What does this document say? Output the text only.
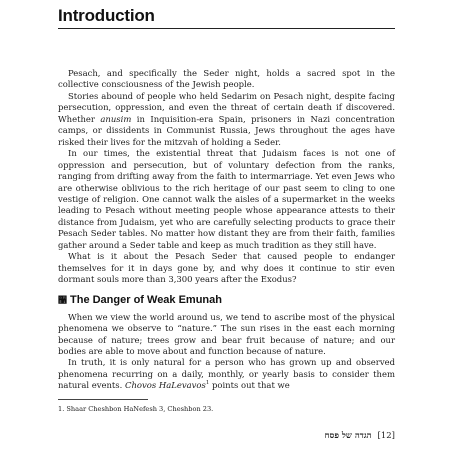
Introduction

Pesach, and specifically the Seder night, holds a sacred spot in the collective consciousness of the Jewish people.

Stories abound of people who held Sedarim on Pesach night, despite facing persecution, oppression, and even the threat of certain death if discovered. Whether anusim in Inquisition-era Spain, prisoners in Nazi concentration camps, or dissidents in Communist Russia, Jews throughout the ages have risked their lives for the mitzvah of holding a Seder.

In our times, the existential threat that Judaism faces is not one of oppression and persecution, but of voluntary defection from the ranks, ranging from drifting away from the faith to intermarriage. Yet even Jews who are otherwise oblivious to the rich heritage of our past seem to cling to one vestige of religion. One cannot walk the aisles of a supermarket in the weeks leading to Pesach without meeting people whose appearance attests to their distance from Judaism, yet who are carefully selecting products to grace their Pesach Seder tables. No matter how distant they are from their faith, families gather around a Seder table and keep as much tradition as they still have.

What is it about the Pesach Seder that caused people to endanger themselves for it in days gone by, and why does it continue to stir even dormant souls more than 3,300 years after the Exodus?

઱ The Danger of Weak Emunah

When we view the world around us, we tend to ascribe most of the physical phenomena we observe to “nature.” The sun rises in the east each morning because of nature; trees grow and bear fruit because of nature; and our bodies are able to move about and function because of nature.

In truth, it is only natural for a person who has grown up and observed phenomena recurring on a daily, monthly, or yearly basis to consider them natural events. Chovos HaLevavos$^1$ points out that we

1. Shaar Cheshbon HaNefesh 3, Cheshbon 23.
הגדה של פסח [12]
